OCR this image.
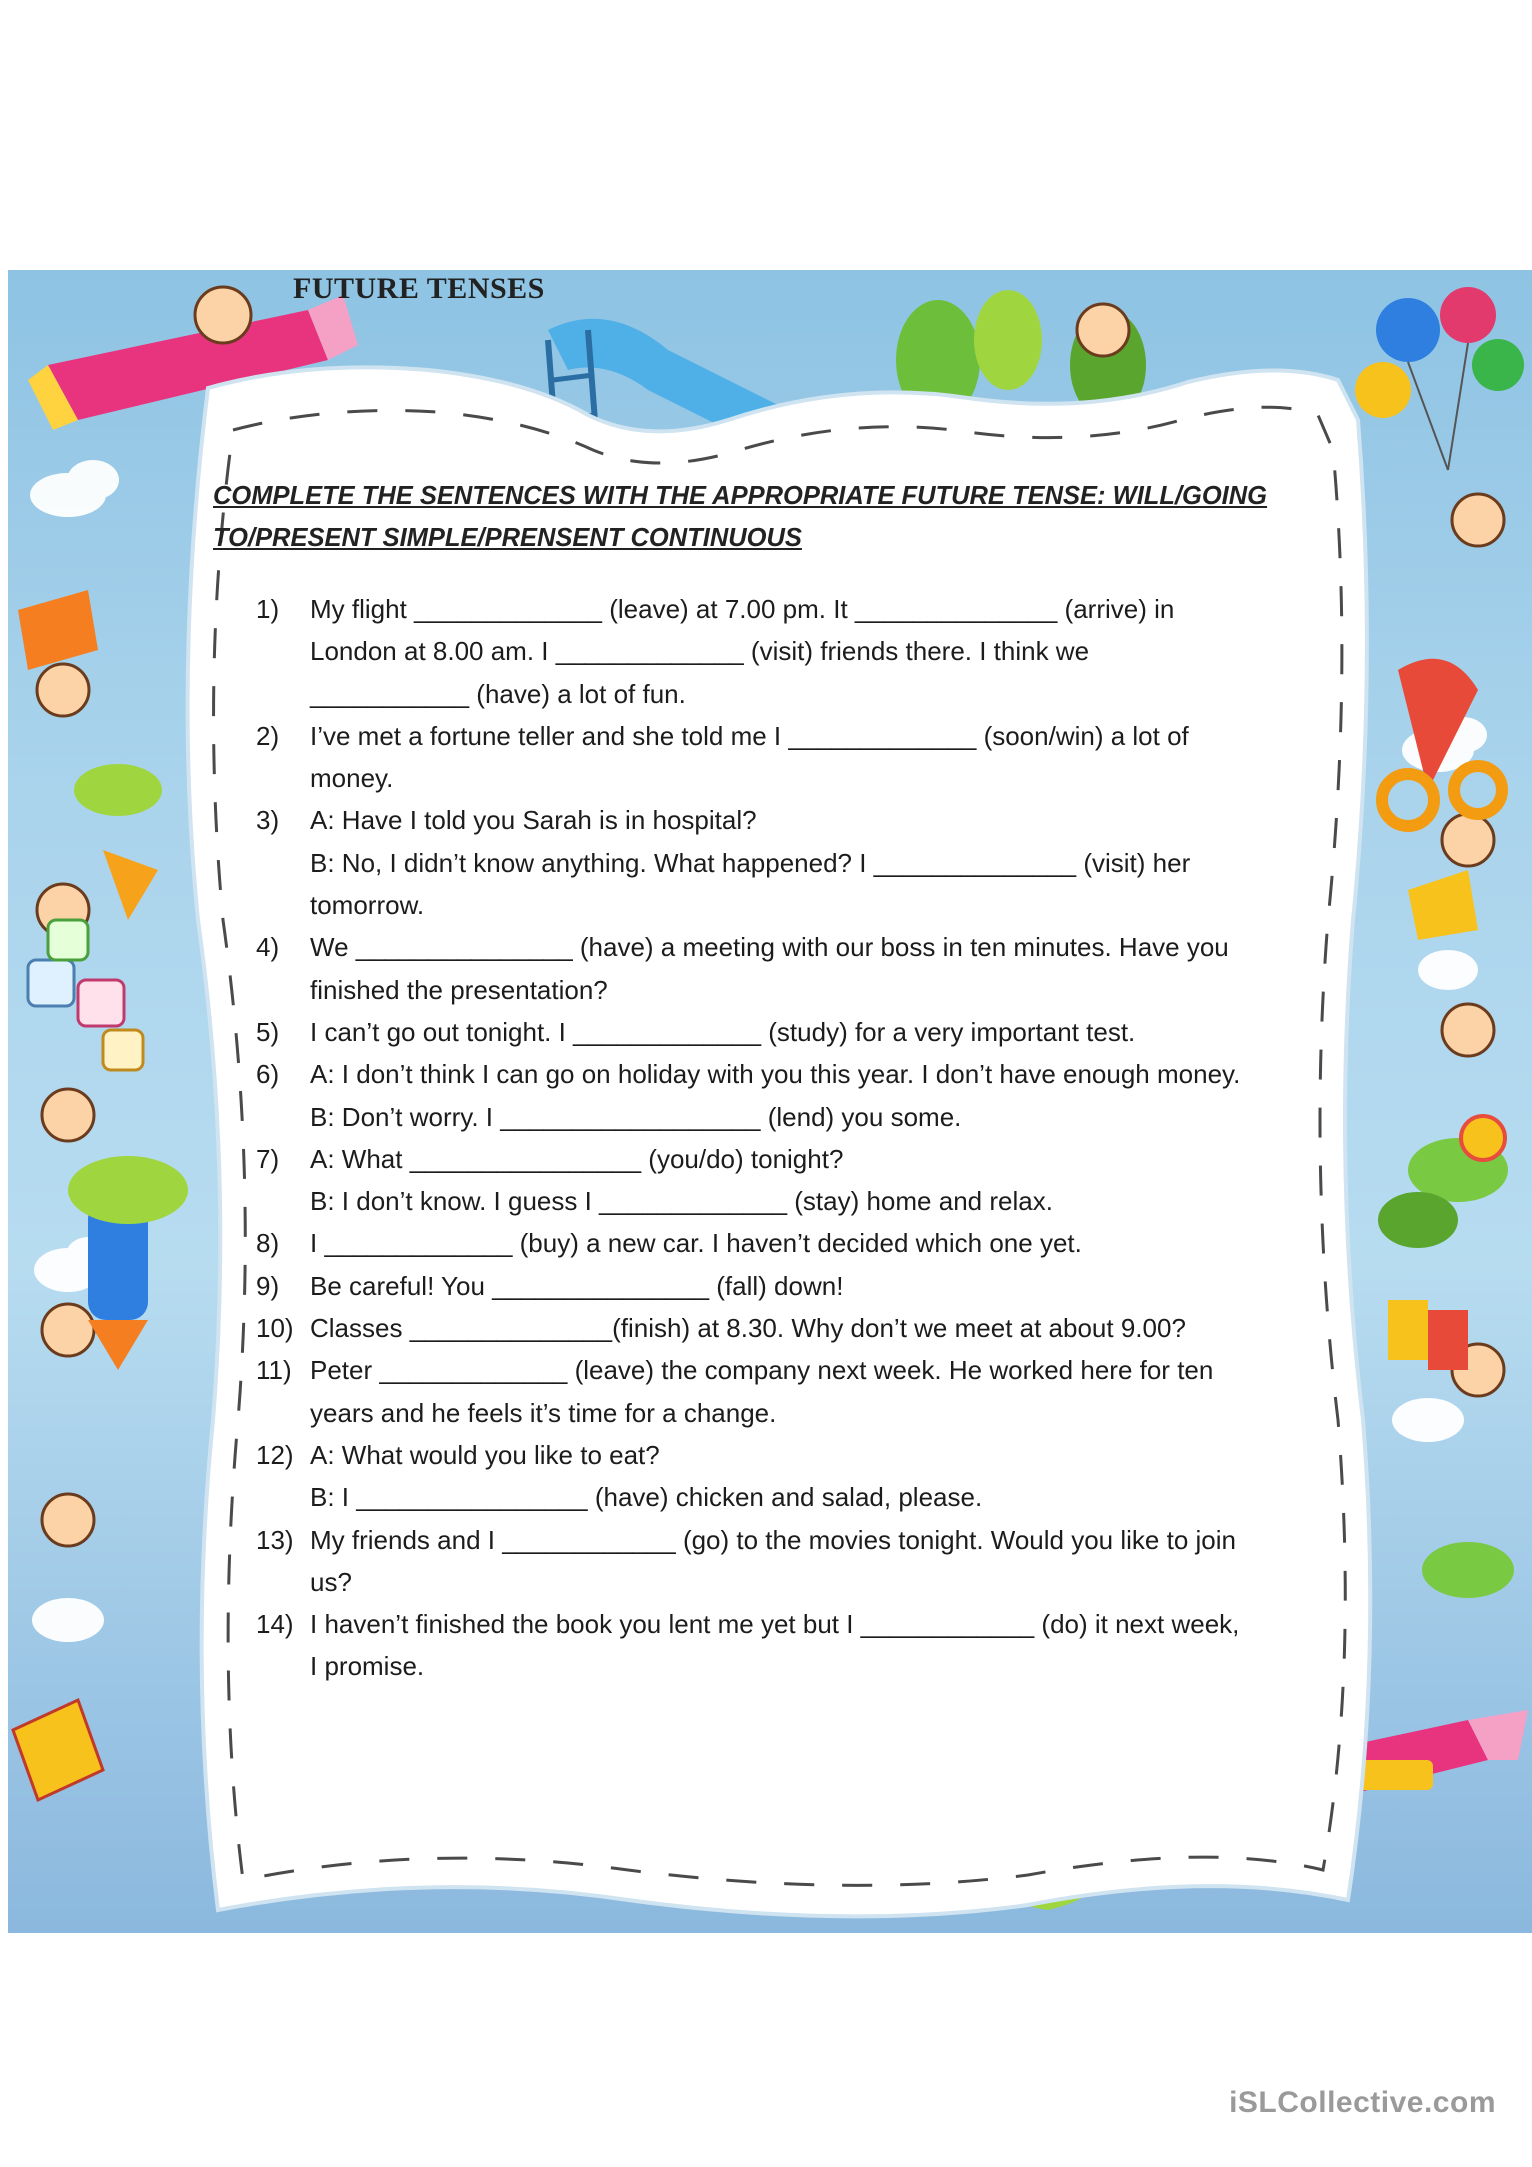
FUTURE TENSES
COMPLETE THE SENTENCES WITH THE APPROPRIATE FUTURE TENSE: WILL/GOING
TO/PRESENT SIMPLE/PRENSENT CONTINUOUS
1) My flight _____________ (leave) at 7.00 pm. It ______________ (arrive) in
London at 8.00 am. I _____________ (visit) friends there. I think we
___________ (have) a lot of fun.
2) I’ve met a fortune teller and she told me I _____________ (soon/win) a lot of
money.
3) A: Have I told you Sarah is in hospital?
B: No, I didn’t know anything. What happened? I ______________ (visit) her
tomorrow.
4) We _______________ (have) a meeting with our boss in ten minutes. Have you
finished the presentation?
5) I can’t go out tonight. I _____________ (study) for a very important test.
6) A: I don’t think I can go on holiday with you this year. I don’t have enough money.
B: Don’t worry. I __________________ (lend) you some.
7) A: What ________________ (you/do) tonight?
B: I don’t know. I guess I _____________ (stay) home and relax.
8) I _____________ (buy) a new car. I haven’t decided which one yet.
9) Be careful! You _______________ (fall) down!
10) Classes ______________(finish) at 8.30. Why don’t we meet at about 9.00?
11) Peter _____________ (leave) the company next week. He worked here for ten
years and he feels it’s time for a change.
12) A: What would you like to eat?
B: I ________________ (have) chicken and salad, please.
13) My friends and I ____________ (go) to the movies tonight. Would you like to join
us?
14) I haven’t finished the book you lent me yet but I ____________ (do) it next week,
I promise.
iSLCollective.com
